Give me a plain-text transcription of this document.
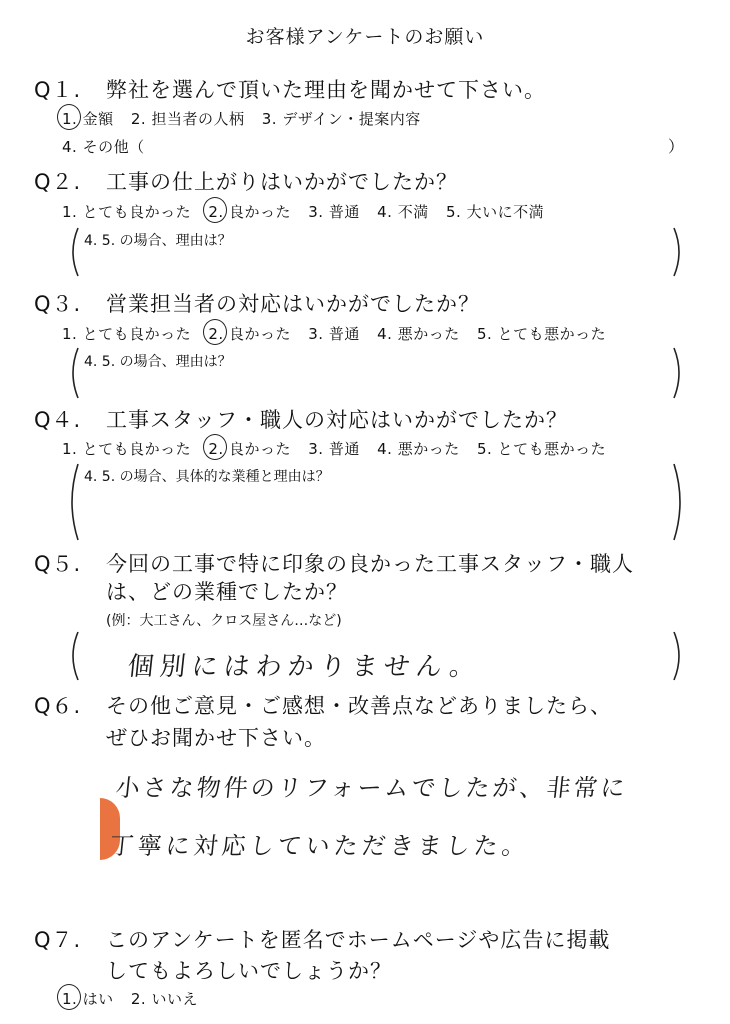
お客様アンケートのお願い
Q１. 弊社を選んで頂いた理由を聞かせて下さい。
1. 金額 2. 担当者の人柄 3. デザイン・提案内容
4. その他（	）
Q２. 工事の仕上がりはいかがでしたか？
1. とても良かった 2. 良かった 3. 普通 4. 不満 5. 大いに不満
4. 5. の場合、理由は？
Q３. 営業担当者の対応はいかがでしたか？
1. とても良かった 2. 良かった 3. 普通 4. 悪かった 5. とても悪かった
4. 5. の場合、理由は？
Q４. 工事スタッフ・職人の対応はいかがでしたか？
1. とても良かった 2. 良かった 3. 普通 4. 悪かった 5. とても悪かった
4. 5. の場合、具体的な業種と理由は？
Q５. 今回の工事で特に印象の良かった工事スタッフ・職人
は、どの業種でしたか？
(例：大工さん、クロス屋さん…など)
個別にはわかりません。
Q６. その他ご意見・ご感想・改善点などありましたら、
ぜひお聞かせ下さい。
小さな物件のリフォームでしたが、非常に
丁寧に対応していただきました。
Q７. このアンケートを匿名でホームページや広告に掲載
してもよろしいでしょうか？
1. はい 2. いいえ
